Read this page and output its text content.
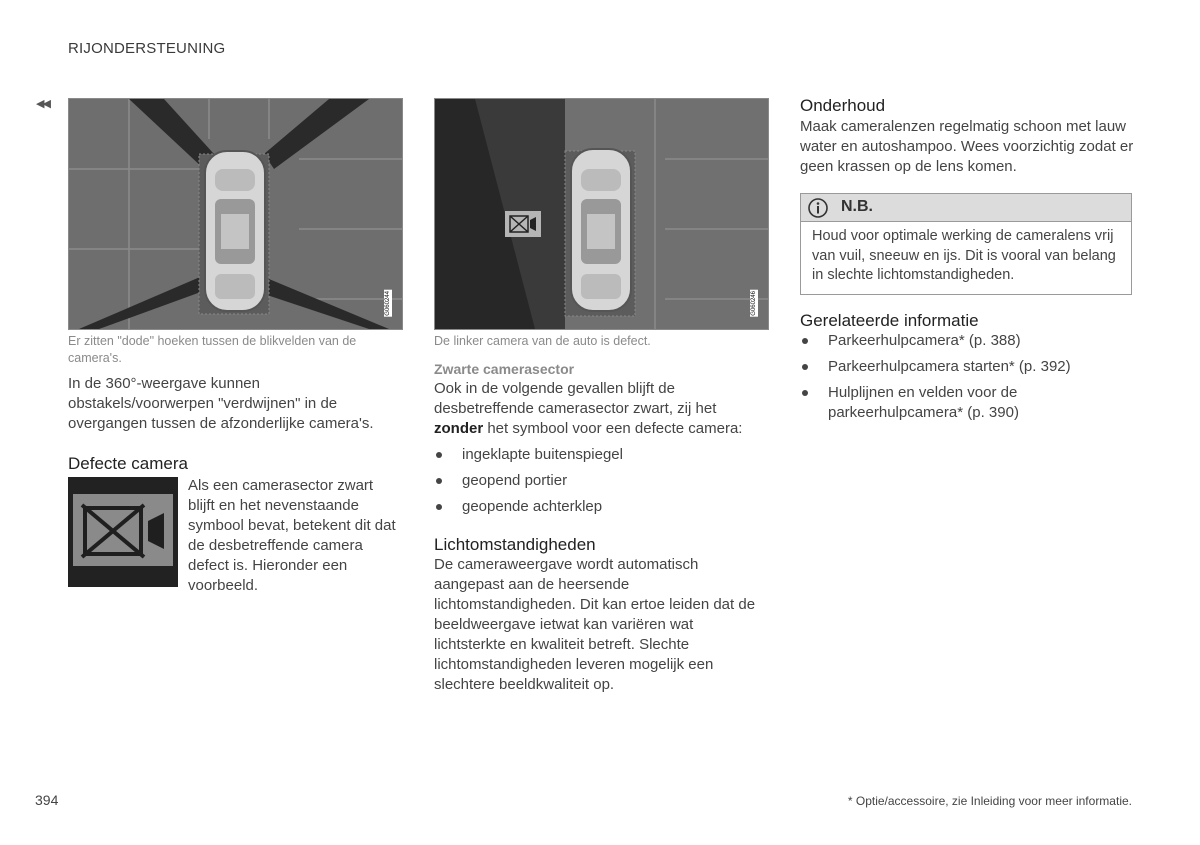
RIJONDERSTEUNING
◀◀
G060244	G060246
Er zitten "dode" hoeken tussen de blikvelden van de camera's.
In de 360°-weergave kunnen obstakels/voorwerpen "verdwijnen" in de overgangen tussen de afzonderlijke camera's.
Defecte camera
Als een camerasector zwart blijft en het nevenstaande symbool bevat, betekent dit dat de desbetreffende camera defect is. Hieronder een voorbeeld.
De linker camera van de auto is defect.
Zwarte camerasector
Ook in de volgende gevallen blijft de desbetreffende camerasector zwart, zij het zonder het symbool voor een defecte camera:
ingeklapte buitenspiegel
geopend portier
geopende achterklep
Lichtomstandigheden
De cameraweergave wordt automatisch aangepast aan de heersende lichtomstandigheden. Dit kan ertoe leiden dat de beeldweergave ietwat kan variëren wat lichtsterkte en kwaliteit betreft. Slechte lichtomstandigheden leveren mogelijk een slechtere beeldkwaliteit op.
Onderhoud
Maak cameralenzen regelmatig schoon met lauw water en autoshampoo. Wees voorzichtig zodat er geen krassen op de lens komen.
N.B.
Houd voor optimale werking de cameralens vrij van vuil, sneeuw en ijs. Dit is vooral van belang in slechte lichtomstandigheden.
Gerelateerde informatie
Parkeerhulpcamera* (p. 388)
Parkeerhulpcamera starten* (p. 392)
Hulplijnen en velden voor de parkeerhulpcamera* (p. 390)
394	* Optie/accessoire, zie Inleiding voor meer informatie.
